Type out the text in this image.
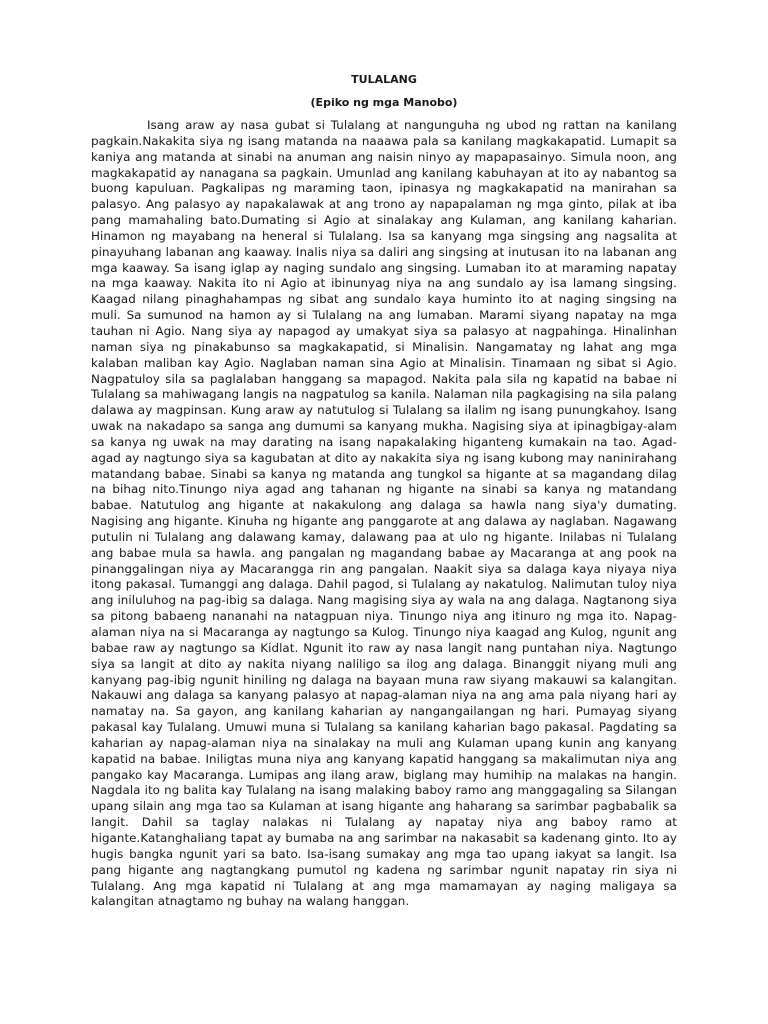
TULALANG
(Epiko ng mga Manobo)

Isang araw ay nasa gubat si Tulalang at nangunguha ng ubod ng rattan na kanilang pagkain.Nakakita siya ng isang matanda na naaawa pala sa kanilang magkakapatid. Lumapit sa kaniya ang matanda at sinabi na anuman ang naisin ninyo ay mapapasainyo. Simula noon, ang magkakapatid ay nanagana sa pagkain. Umunlad ang kanilang kabuhayan at ito ay nabantog sa buong kapuluan. Pagkalipas ng maraming taon, ipinasya ng magkakapatid na manirahan sa palasyo. Ang palasyo ay napakalawak at ang trono ay napapalaman ng mga ginto, pilak at iba pang mamahaling bato.Dumating si Agio at sinalakay ang Kulaman, ang kanilang kaharian. Hinamon ng mayabang na heneral si Tulalang. Isa sa kanyang mga singsing ang nagsalita at pinayuhang labanan ang kaaway. Inalis niya sa daliri ang singsing at inutusan ito na labanan ang mga kaaway. Sa isang iglap ay naging sundalo ang singsing. Lumaban ito at maraming napatay na mga kaaway. Nakita ito ni Agio at ibinunyag niya na ang sundalo ay isa lamang singsing. Kaagad nilang pinaghahampas ng sibat ang sundalo kaya huminto ito at naging singsing na muli. Sa sumunod na hamon ay si Tulalang na ang lumaban. Marami siyang napatay na mga tauhan ni Agio. Nang siya ay napagod ay umakyat siya sa palasyo at nagpahinga. Hinalinhan naman siya ng pinakabunso sa magkakapatid, si Minalisin. Nangamatay ng lahat ang mga kalaban maliban kay Agio. Naglaban naman sina Agio at Minalisin. Tinamaan ng sibat si Agio. Nagpatuloy sila sa paglalaban hanggang sa mapagod. Nakita pala sila ng kapatid na babae ni Tulalang sa mahiwagang langis na nagpatulog sa kanila. Nalaman nila pagkagising na sila palang dalawa ay magpinsan. Kung araw ay natutulog si Tulalang sa ilalim ng isang punungkahoy. Isang uwak na nakadapo sa sanga ang dumumi sa kanyang mukha. Nagising siya at ipinagbigay-alam sa kanya ng uwak na may darating na isang napakalaking higanteng kumakain na tao. Agad-agad ay nagtungo siya sa kagubatan at dito ay nakakita siya ng isang kubong may naninirahang matandang babae. Sinabi sa kanya ng matanda ang tungkol sa higante at sa magandang dilag na bihag nito.Tinungo niya agad ang tahanan ng higante na sinabi sa kanya ng matandang babae. Natutulog ang higante at nakakulong ang dalaga sa hawla nang siya'y dumating. Nagising ang higante. Kinuha ng higante ang panggarote at ang dalawa ay naglaban. Nagawang putulin ni Tulalang ang dalawang kamay, dalawang paa at ulo ng higante. Inilabas ni Tulalang ang babae mula sa hawla. ang pangalan ng magandang babae ay Macaranga at ang pook na pinanggalingan niya ay Macarangga rin ang pangalan. Naakit siya sa dalaga kaya niyaya niya itong pakasal. Tumanggi ang dalaga. Dahil pagod, si Tulalang ay nakatulog. Nalimutan tuloy niya ang iniluluhog na pag-ibig sa dalaga. Nang magising siya ay wala na ang dalaga. Nagtanong siya sa pitong babaeng nananahi na natagpuan niya. Tinungo niya ang itinuro ng mga ito. Napag-alaman niya na si Macaranga ay nagtungo sa Kulog. Tinungo niya kaagad ang Kulog, ngunit ang babae raw ay nagtungo sa Kidlat. Ngunit ito raw ay nasa langit nang puntahan niya. Nagtungo siya sa langit at dito ay nakita niyang naliligo sa ilog ang dalaga. Binanggit niyang muli ang kanyang pag-ibig ngunit hiniling ng dalaga na bayaan muna raw siyang makauwi sa kalangitan. Nakauwi ang dalaga sa kanyang palasyo at napag-alaman niya na ang ama pala niyang hari ay namatay na. Sa gayon, ang kanilang kaharian ay nangangailangan ng hari. Pumayag siyang pakasal kay Tulalang. Umuwi muna si Tulalang sa kanilang kaharian bago pakasal. Pagdating sa kaharian ay napag-alaman niya na sinalakay na muli ang Kulaman upang kunin ang kanyang kapatid na babae. Iniligtas muna niya ang kanyang kapatid hanggang sa makalimutan niya ang pangako kay Macaranga. Lumipas ang ilang araw, biglang may humihip na malakas na hangin. Nagdala ito ng balita kay Tulalang na isang malaking baboy ramo ang manggagaling sa Silangan upang silain ang mga tao sa Kulaman at isang higante ang haharang sa sarimbar pagbabalik sa langit. Dahil sa taglay nalakas ni Tulalang ay napatay niya ang baboy ramo at higante.Katanghaliang tapat ay bumaba na ang sarimbar na nakasabit sa kadenang ginto. Ito ay hugis bangka ngunit yari sa bato. Isa-isang sumakay ang mga tao upang iakyat sa langit. Isa pang higante ang nagtangkang pumutol ng kadena ng sarimbar ngunit napatay rin siya ni Tulalang. Ang mga kapatid ni Tulalang at ang mga mamamayan ay naging maligaya sa kalangitan atnagtamo ng buhay na walang hanggan.
